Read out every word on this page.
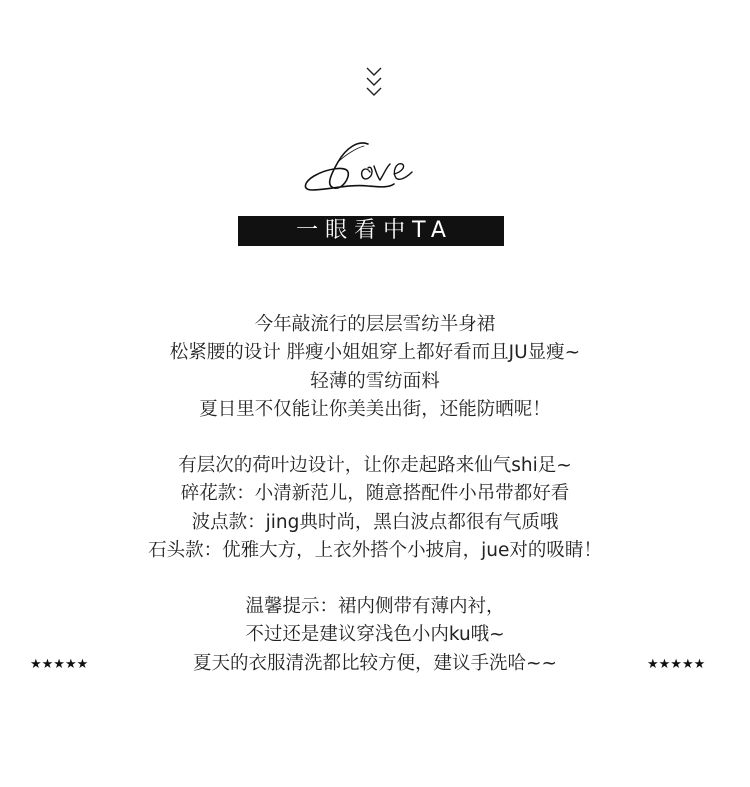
一眼看中TA

今年敲流行的层层雪纺半身裙

松紧腰的设计 胖瘦小姐姐穿上都好看而且JU显瘦~

轻薄的雪纺面料

夏日里不仅能让你美美出街，还能防晒呢！

有层次的荷叶边设计，让你走起路来仙气shi足~

碎花款：小清新范儿，随意搭配件小吊带都好看

波点款：jing典时尚，黑白波点都很有气质哦

石头款：优雅大方，上衣外搭个小披肩，jue对的吸睛！

温馨提示：裙内侧带有薄内衬，

不过还是建议穿浅色小内ku哦~

夏天的衣服清洗都比较方便，建议手洗哈~~

★★★★★	★★★★★
